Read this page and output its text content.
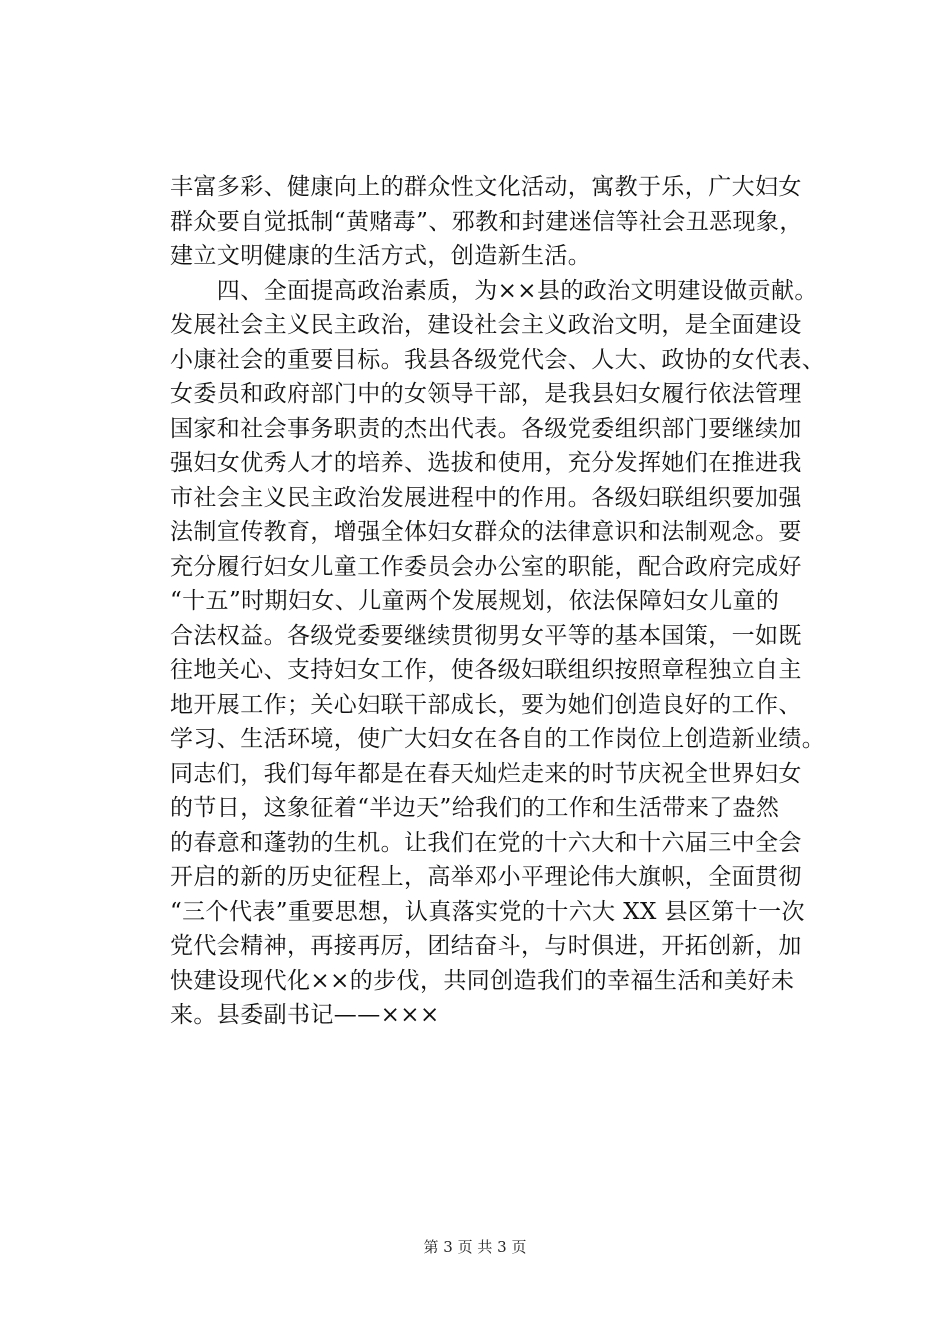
丰富多彩、健康向上的群众性文化活动，寓教于乐，广大妇女
群众要自觉抵制“黄赌毒”、邪教和封建迷信等社会丑恶现象，
建立文明健康的生活方式，创造新生活。
　　四、全面提高政治素质，为××县的政治文明建设做贡献。
发展社会主义民主政治，建设社会主义政治文明，是全面建设
小康社会的重要目标。我县各级党代会、人大、政协的女代表、
女委员和政府部门中的女领导干部，是我县妇女履行依法管理
国家和社会事务职责的杰出代表。各级党委组织部门要继续加
强妇女优秀人才的培养、选拔和使用，充分发挥她们在推进我
市社会主义民主政治发展进程中的作用。各级妇联组织要加强
法制宣传教育，增强全体妇女群众的法律意识和法制观念。要
充分履行妇女儿童工作委员会办公室的职能，配合政府完成好
“十五”时期妇女、儿童两个发展规划，依法保障妇女儿童的
合法权益。各级党委要继续贯彻男女平等的基本国策，一如既
往地关心、支持妇女工作，使各级妇联组织按照章程独立自主
地开展工作；关心妇联干部成长，要为她们创造良好的工作、
学习、生活环境，使广大妇女在各自的工作岗位上创造新业绩。
同志们，我们每年都是在春天灿烂走来的时节庆祝全世界妇女
的节日，这象征着“半边天”给我们的工作和生活带来了盎然
的春意和蓬勃的生机。让我们在党的十六大和十六届三中全会
开启的新的历史征程上，高举邓小平理论伟大旗帜，全面贯彻
“三个代表”重要思想，认真落实党的十六大 XX 县区第十一次
党代会精神，再接再厉，团结奋斗，与时俱进，开拓创新，加
快建设现代化××的步伐，共同创造我们的幸福生活和美好未
来。县委副书记——×××
第 3 页 共 3 页
